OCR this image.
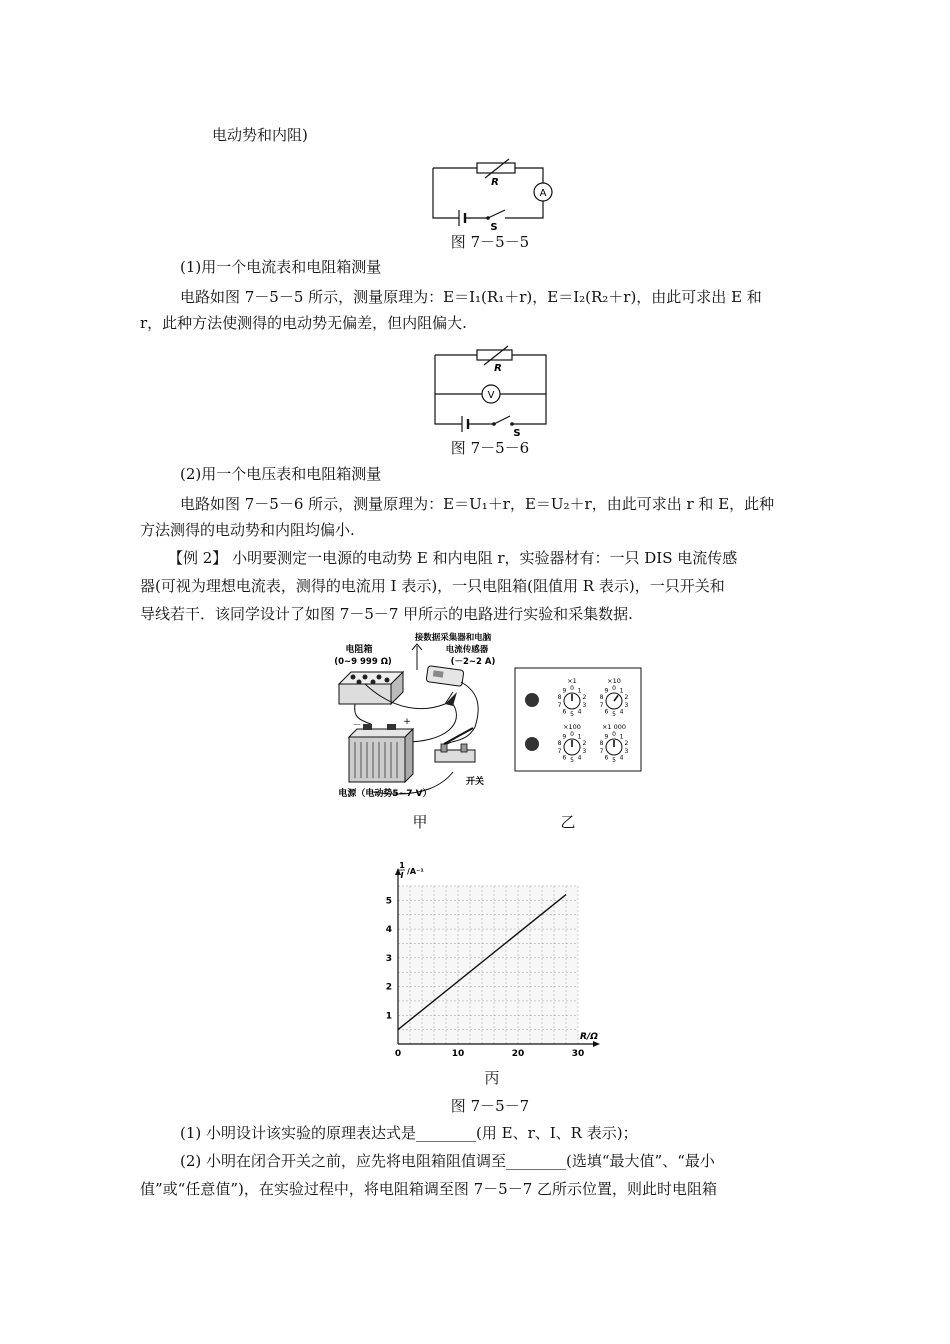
电动势和内阻)
R
A
S
图 7－5－5
(1)用一个电流表和电阻箱测量
电路如图 7－5－5 所示，测量原理为：E＝I₁(R₁＋r)，E＝I₂(R₂＋r)，由此可求出 E 和
r，此种方法使测得的电动势无偏差，但内阻偏大.
R
V
S
图 7－5－6
(2)用一个电压表和电阻箱测量
电路如图 7－5－6 所示，测量原理为：E＝U₁＋r，E＝U₂＋r，由此可求出 r 和 E，此种
方法测得的电动势和内阻均偏小.
【例 2】 小明要测定一电源的电动势 E 和内电阻 r，实验器材有：一只 DIS 电流传感
器(可视为理想电流表，测得的电流用 I 表示)，一只电阻箱(阻值用 R 表示)，一只开关和
导线若干．该同学设计了如图 7－5－7 甲所示的电路进行实验和采集数据.
电阻箱
(0~9 999 Ω)
接数据采集器和电脑
电流传感器
(－2~2 A)
－	+
开关
电源（电动势5~7 V）
甲
×1
0 1
2
3
4
5
6
7
8
9
×10
0 1
2
3
4
5
6
7
8
9
×100
0 1
2
3
4
5
6
7
8
9
×1 000
0 1
2
3
4
5
6
7
8
9
乙
0	10	20	30
1
2
3
4
5
R/Ω
1
I /A⁻¹
丙
图 7－5－7
(1) 小明设计该实验的原理表达式是________(用 E、r、I、R 表示)；
(2) 小明在闭合开关之前，应先将电阻箱阻值调至________(选填“最大值”、“最小
值”或“任意值”)，在实验过程中，将电阻箱调至图 7－5－7 乙所示位置，则此时电阻箱
